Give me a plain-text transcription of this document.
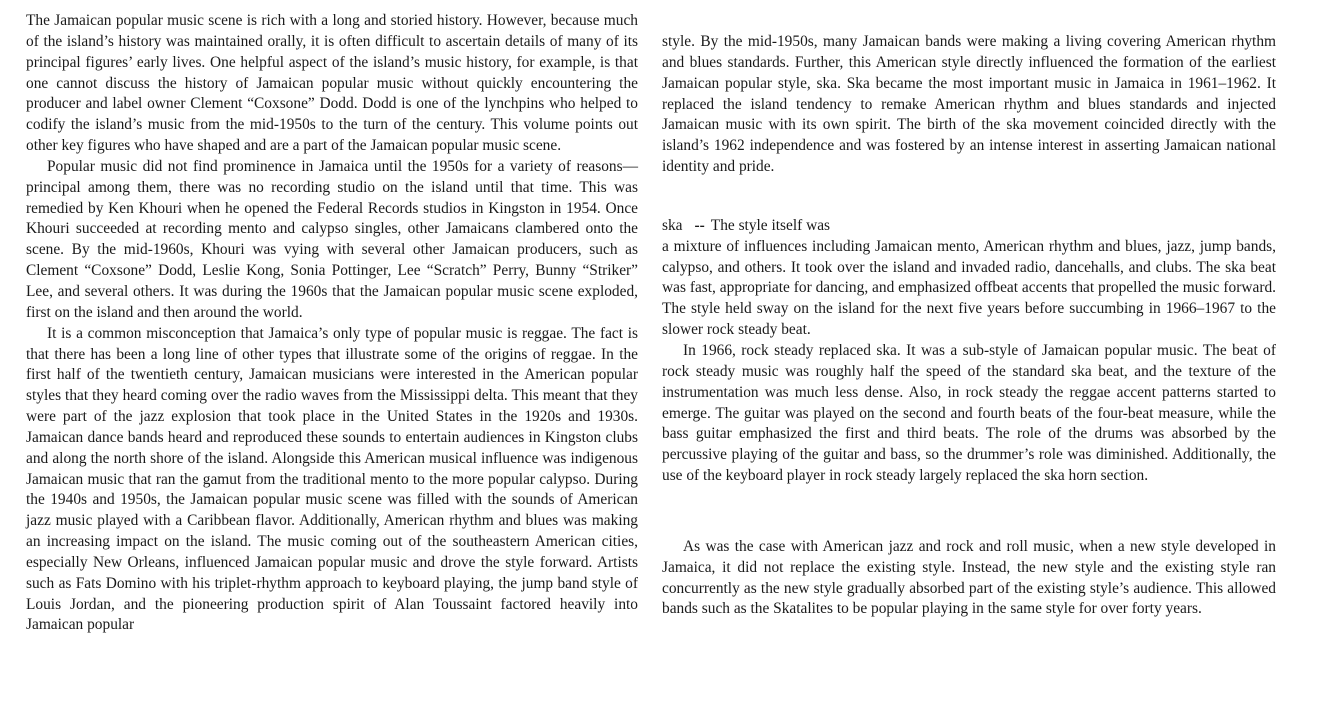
The Jamaican popular music scene is rich with a long and storied history. However, because much of the island’s history was maintained orally, it is often difficult to ascertain details of many of its principal figures’ early lives. One helpful aspect of the island’s music history, for example, is that one cannot discuss the history of Jamaican popular music without quickly encountering the producer and label owner Clement “Coxsone” Dodd. Dodd is one of the lynchpins who helped to codify the island’s music from the mid-1950s to the turn of the century. This volume points out other key figures who have shaped and are a part of the Jamaican popular music scene.

Popular music did not find prominence in Jamaica until the 1950s for a variety of reasons—principal among them, there was no recording studio on the island until that time. This was remedied by Ken Khouri when he opened the Federal Records studios in Kingston in 1954. Once Khouri succeeded at recording mento and calypso singles, other Jamaicans clambered onto the scene. By the mid-1960s, Khouri was vying with several other Jamaican producers, such as Clement “Coxsone” Dodd, Leslie Kong, Sonia Pottinger, Lee “Scratch” Perry, Bunny “Striker” Lee, and several others. It was during the 1960s that the Jamaican popular music scene exploded, first on the island and then around the world.

It is a common misconception that Jamaica’s only type of popular music is reggae. The fact is that there has been a long line of other types that illustrate some of the origins of reggae. In the first half of the twentieth century, Jamaican musicians were interested in the American popular styles that they heard coming over the radio waves from the Mississippi delta. This meant that they were part of the jazz explosion that took place in the United States in the 1920s and 1930s. Jamaican dance bands heard and reproduced these sounds to entertain audiences in Kingston clubs and along the north shore of the island. Alongside this American musical influence was indigenous Jamaican music that ran the gamut from the traditional mento to the more popular calypso. During the 1940s and 1950s, the Jamaican popular music scene was filled with the sounds of American jazz music played with a Caribbean flavor. Additionally, American rhythm and blues was making an increasing impact on the island. The music coming out of the southeastern American cities, especially New Orleans, influenced Jamaican popular music and drove the style forward. Artists such as Fats Domino with his triplet-rhythm approach to keyboard playing, the jump band style of Louis Jordan, and the pioneering production spirit of Alan Toussaint factored heavily into Jamaican popular

style. By the mid-1950s, many Jamaican bands were making a living covering American rhythm and blues standards. Further, this American style directly influenced the formation of the earliest Jamaican popular style, ska. Ska became the most important music in Jamaica in 1961–1962. It replaced the island tendency to remake American rhythm and blues standards and injected Jamaican music with its own spirit. The birth of the ska movement coincided directly with the island’s 1962 independence and was fostered by an intense interest in asserting Jamaican national identity and pride.

ska -- The style itself was

a mixture of influences including Jamaican mento, American rhythm and blues, jazz, jump bands, calypso, and others. It took over the island and invaded radio, dancehalls, and clubs. The ska beat was fast, appropriate for dancing, and emphasized offbeat accents that propelled the music forward. The style held sway on the island for the next five years before succumbing in 1966–1967 to the slower rock steady beat.

In 1966, rock steady replaced ska. It was a sub-style of Jamaican popular music. The beat of rock steady music was roughly half the speed of the standard ska beat, and the texture of the instrumentation was much less dense. Also, in rock steady the reggae accent patterns started to emerge. The guitar was played on the second and fourth beats of the four-beat measure, while the bass guitar emphasized the first and third beats. The role of the drums was absorbed by the percussive playing of the guitar and bass, so the drummer’s role was diminished. Additionally, the use of the keyboard player in rock steady largely replaced the ska horn section.

As was the case with American jazz and rock and roll music, when a new style developed in Jamaica, it did not replace the existing style. Instead, the new style and the existing style ran concurrently as the new style gradually absorbed part of the existing style’s audience. This allowed bands such as the Skatalites to be popular playing in the same style for over forty years.
